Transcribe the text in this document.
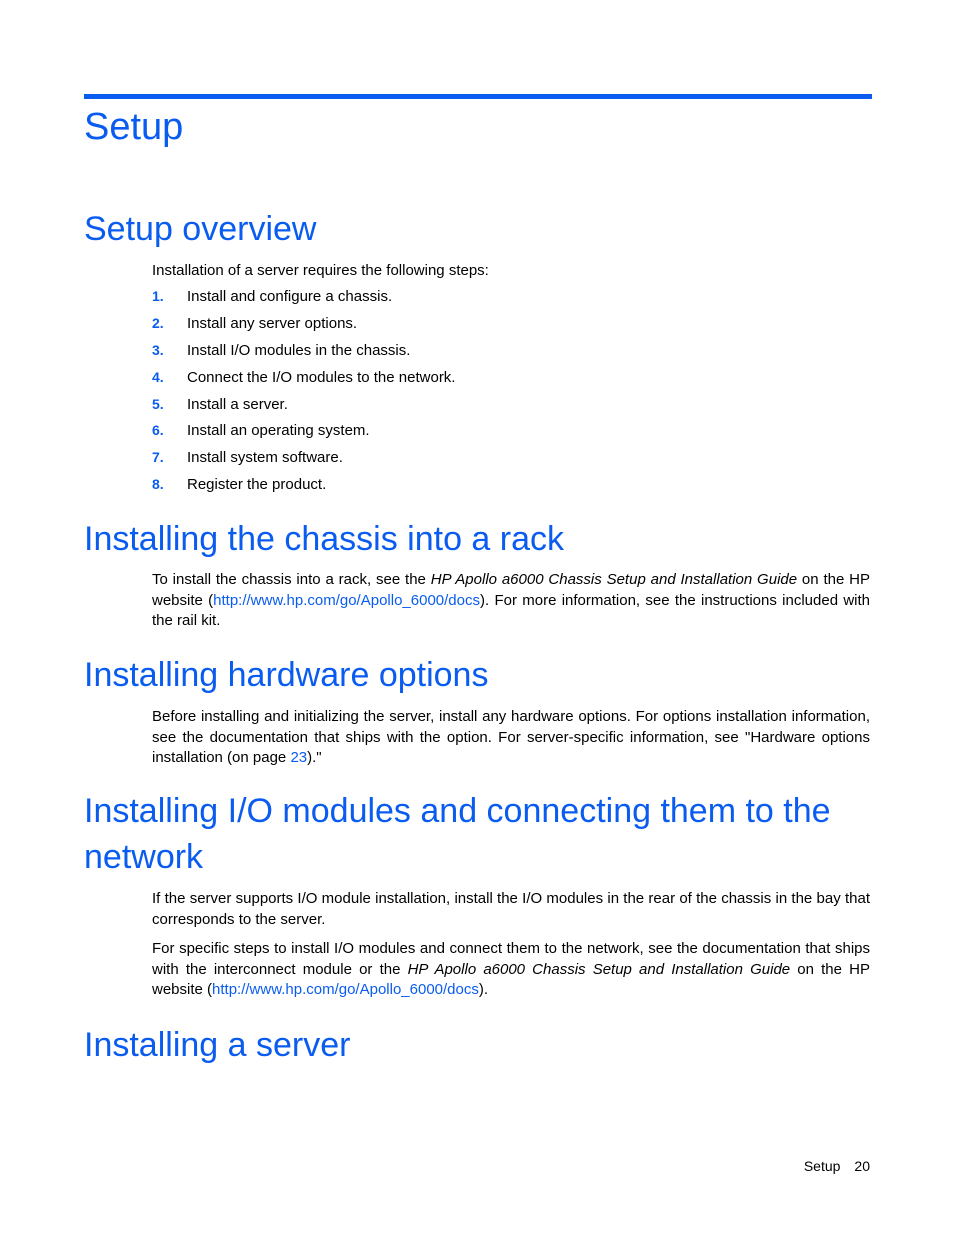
Setup
Setup overview

Installation of a server requires the following steps:

1. Install and configure a chassis.
2. Install any server options.
3. Install I/O modules in the chassis.
4. Connect the I/O modules to the network.
5. Install a server.
6. Install an operating system.
7. Install system software.
8. Register the product.
Installing the chassis into a rack

To install the chassis into a rack, see the HP Apollo a6000 Chassis Setup and Installation Guide on the HP website (http://www.hp.com/go/Apollo_6000/docs). For more information, see the instructions included with the rail kit.

Installing hardware options

Before installing and initializing the server, install any hardware options. For options installation information, see the documentation that ships with the option. For server-specific information, see "Hardware options installation (on page 23)."

Installing I/O modules and connecting them to the network

If the server supports I/O module installation, install the I/O modules in the rear of the chassis in the bay that corresponds to the server.

For specific steps to install I/O modules and connect them to the network, see the documentation that ships with the interconnect module or the HP Apollo a6000 Chassis Setup and Installation Guide on the HP website (http://www.hp.com/go/Apollo_6000/docs).

Installing a server
Setup 20
